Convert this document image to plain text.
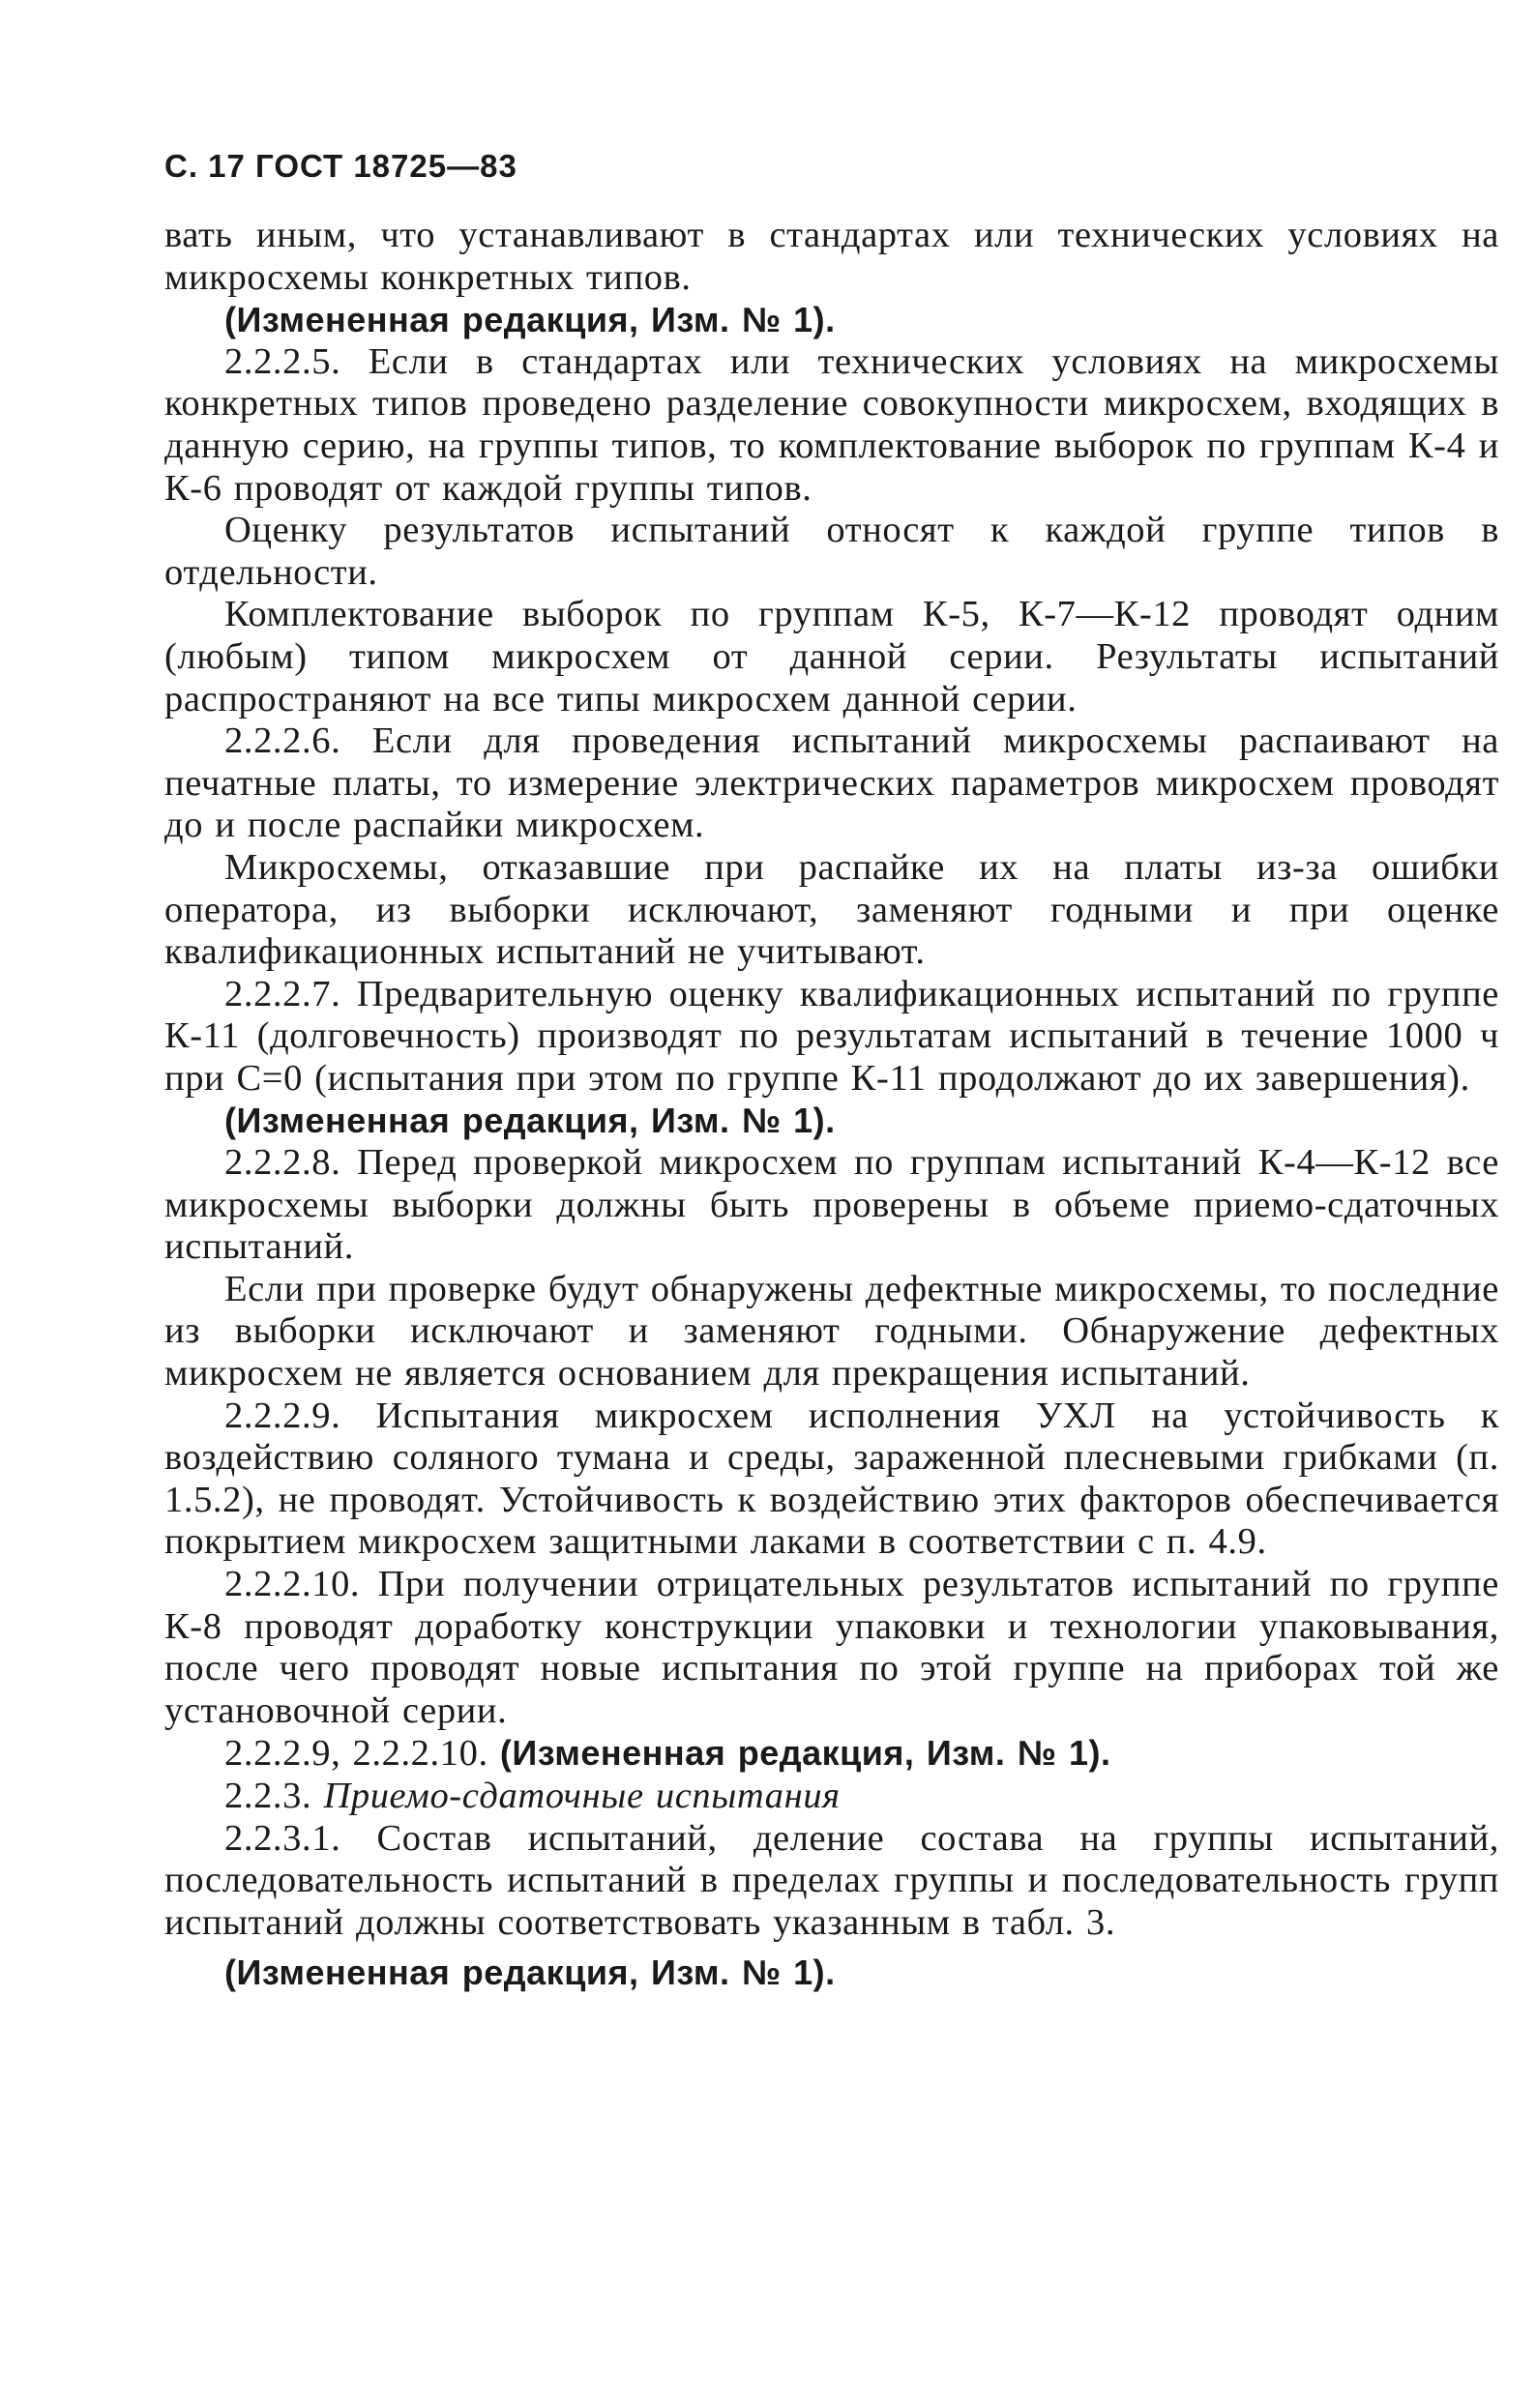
С. 17 ГОСТ 18725—83

вать иным, что устанавливают в стандартах или технических условиях на микросхемы конкретных типов.

(Измененная редакция, Изм. № 1).

2.2.2.5. Если в стандартах или технических условиях на микросхемы конкретных типов проведено разделение совокупности микросхем, входящих в данную серию, на группы типов, то комплектование выборок по группам К-4 и К-6 проводят от каждой группы типов.

Оценку результатов испытаний относят к каждой группе типов в отдельности.

Комплектование выборок по группам К-5, К-7—К-12 проводят одним (любым) типом микросхем от данной серии. Результаты испытаний распространяют на все типы микросхем данной серии.

2.2.2.6. Если для проведения испытаний микросхемы распаивают на печатные платы, то измерение электрических параметров микросхем проводят до и после распайки микросхем.

Микросхемы, отказавшие при распайке их на платы из-за ошибки оператора, из выборки исключают, заменяют годными и при оценке квалификационных испытаний не учитывают.

2.2.2.7. Предварительную оценку квалификационных испытаний по группе К-11 (долговечность) производят по результатам испытаний в течение 1000 ч при C=0 (испытания при этом по группе К-11 продолжают до их завершения).

(Измененная редакция, Изм. № 1).

2.2.2.8. Перед проверкой микросхем по группам испытаний К-4—К-12 все микросхемы выборки должны быть проверены в объеме приемо-сдаточных испытаний.

Если при проверке будут обнаружены дефектные микросхемы, то последние из выборки исключают и заменяют годными. Обнаружение дефектных микросхем не является основанием для прекращения испытаний.

2.2.2.9. Испытания микросхем исполнения УХЛ на устойчивость к воздействию соляного тумана и среды, зараженной плесневыми грибками (п. 1.5.2), не проводят. Устойчивость к воздействию этих факторов обеспечивается покрытием микросхем защитными лаками в соответствии с п. 4.9.

2.2.2.10. При получении отрицательных результатов испытаний по группе К-8 проводят доработку конструкции упаковки и технологии упаковывания, после чего проводят новые испытания по этой группе на приборах той же установочной серии.

2.2.2.9, 2.2.2.10. (Измененная редакция, Изм. № 1).

2.2.3. Приемо-сдаточные испытания

2.2.3.1. Состав испытаний, деление состава на группы испытаний, последовательность испытаний в пределах группы и последовательность групп испытаний должны соответствовать указанным в табл. 3.

(Измененная редакция, Изм. № 1).
